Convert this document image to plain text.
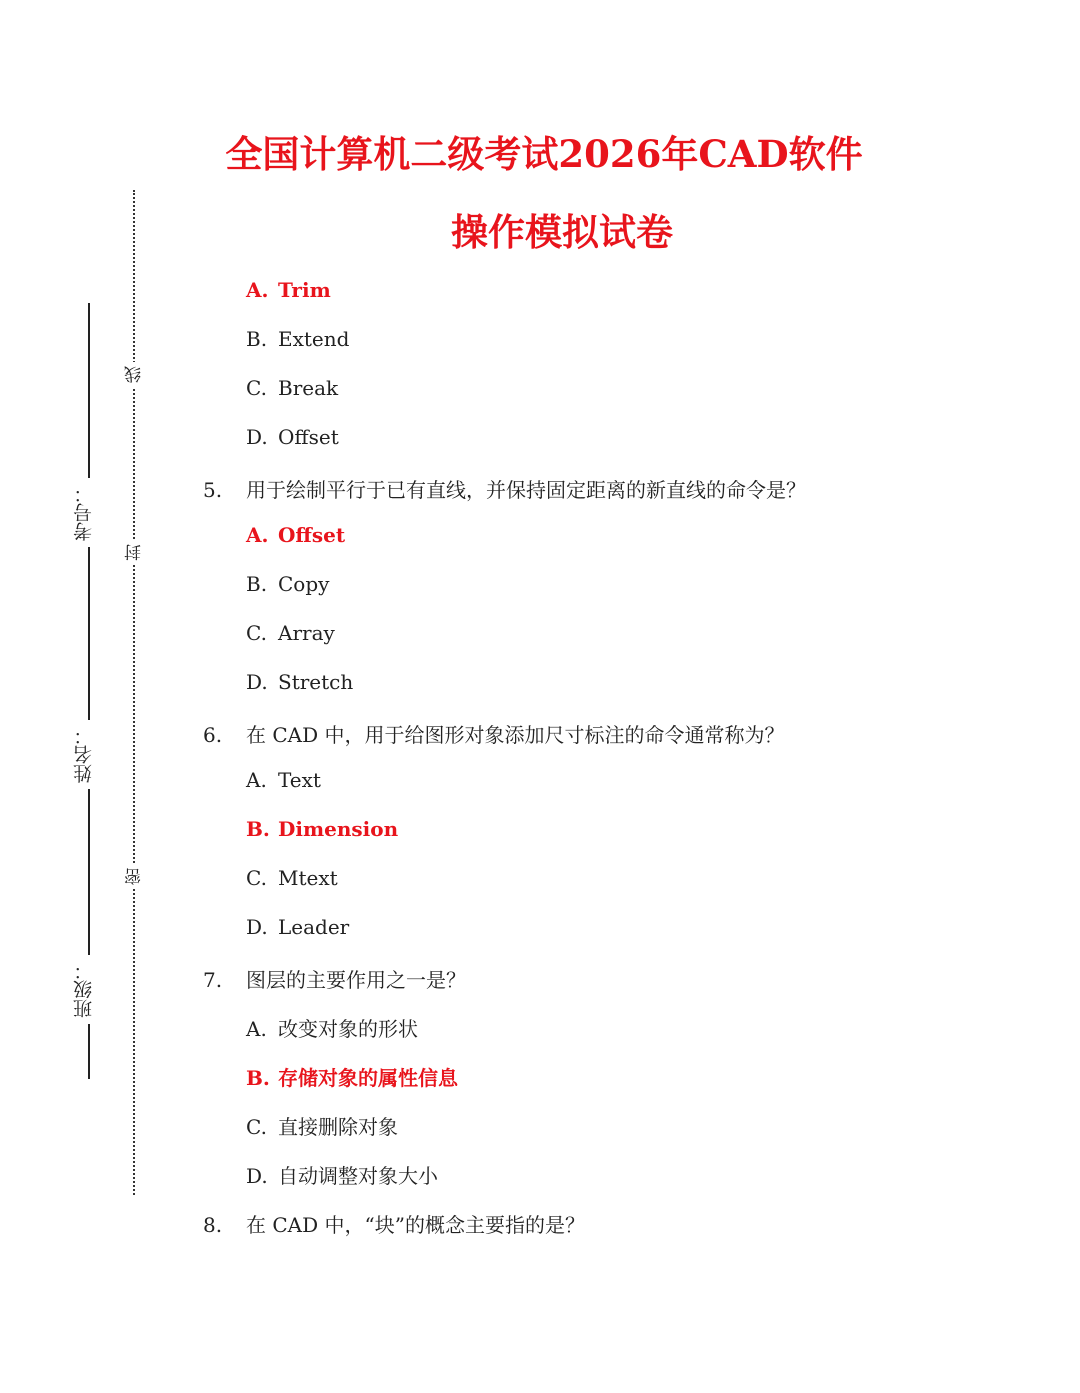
全国计算机二级考试2026年CAD软件
操作模拟试卷
线
封
密
考号：
姓名：
班级：
A. Trim
B. Extend
C. Break
D. Offset
5. 用于绘制平行于已有直线，并保持固定距离的新直线的命令是？
A. Offset
B. Copy
C. Array
D. Stretch
6. 在 CAD 中，用于给图形对象添加尺寸标注的命令通常称为？
A. Text
B. Dimension
C. Mtext
D. Leader
7. 图层的主要作用之一是？
A. 改变对象的形状
B. 存储对象的属性信息
C. 直接删除对象
D. 自动调整对象大小
8. 在 CAD 中，“块”的概念主要指的是？
